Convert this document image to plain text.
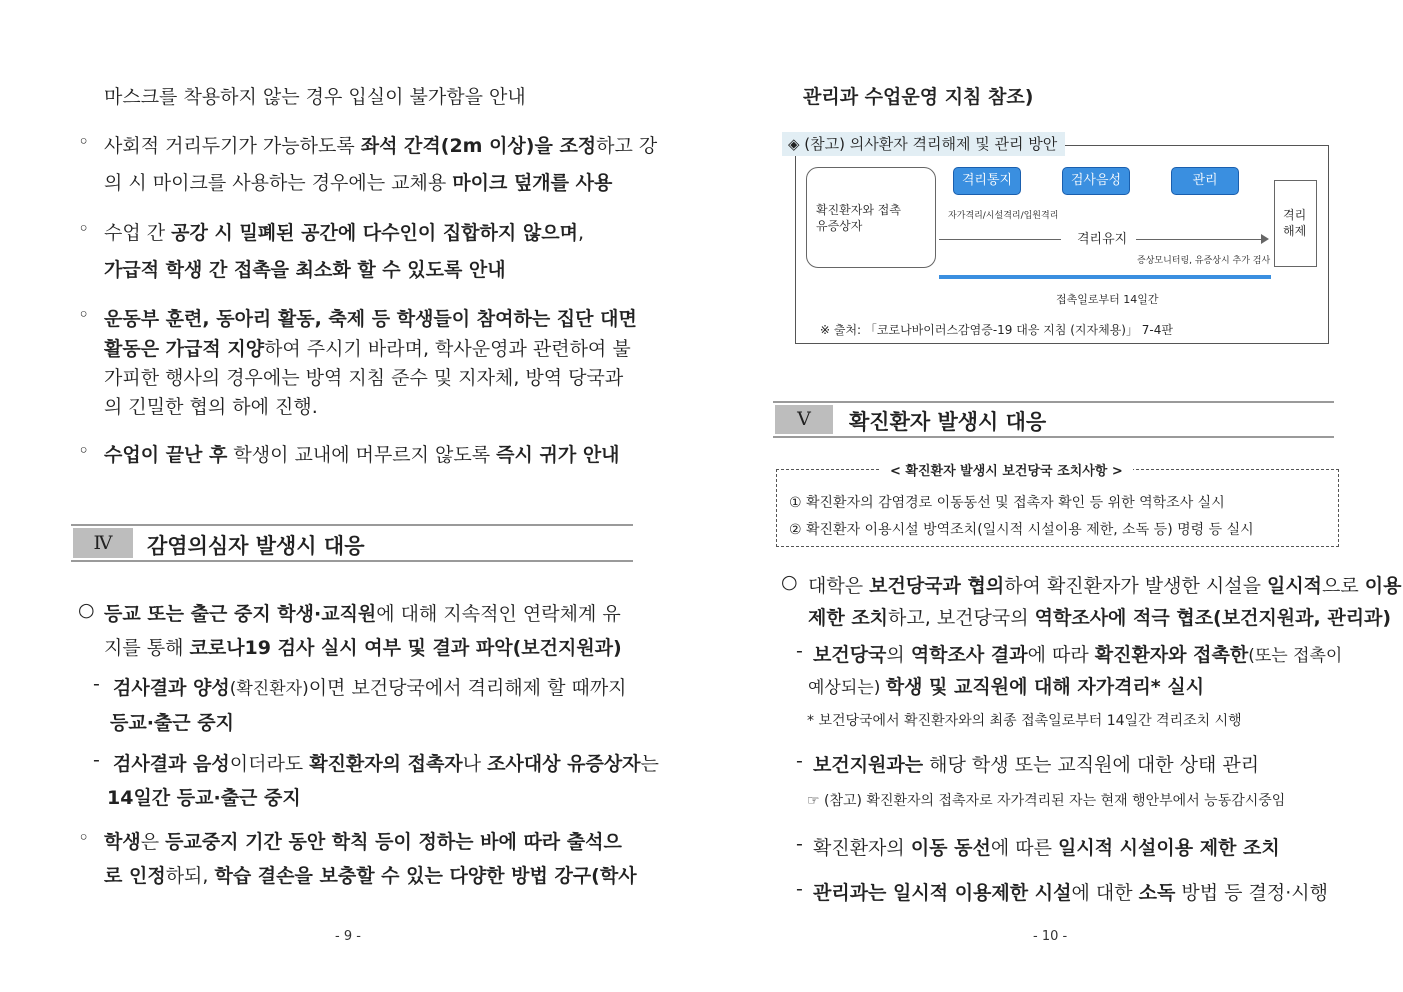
마스크를 착용하지 않는 경우 입실이 불가함을 안내
◦ 사회적 거리두기가 가능하도록 좌석 간격(2m 이상)을 조정하고 강
의 시 마이크를 사용하는 경우에는 교체용 마이크 덮개를 사용
◦ 수업 간 공강 시 밀폐된 공간에 다수인이 집합하지 않으며,
가급적 학생 간 접촉을 최소화 할 수 있도록 안내
◦ 운동부 훈련, 동아리 활동, 축제 등 학생들이 참여하는 집단 대면
활동은 가급적 지양하여 주시기 바라며, 학사운영과 관련하여 불
가피한 행사의 경우에는 방역 지침 준수 및 지자체, 방역 당국과
의 긴밀한 협의 하에 진행.
◦ 수업이 끝난 후 학생이 교내에 머무르지 않도록 즉시 귀가 안내
Ⅳ	감염의심자 발생시 대응
○ 등교 또는 출근 중지 학생·교직원에 대해 지속적인 연락체계 유
지를 통해 코로나19 검사 실시 여부 및 결과 파악(보건지원과)
- 검사결과 양성(확진환자)이면 보건당국에서 격리해제 할 때까지
등교·출근 중지
- 검사결과 음성이더라도 확진환자의 접촉자나 조사대상 유증상자는
14일간 등교·출근 중지
◦ 학생은 등교중지 기간 동안 학칙 등이 정하는 바에 따라 출석으
로 인정하되, 학습 결손을 보충할 수 있는 다양한 방법 강구(학사
- 9 -
관리과 수업운영 지침 참조)
◈ (참고) 의사환자 격리해제 및 관리 방안
확진환자와 접촉
유증상자
격리통지	검사음성	관리
자가격리/시설격리/입원격리
격리유지
증상모니터링, 유증상시 추가 검사
격리
해제
접촉일로부터 14일간
※ 출처: 「코로나바이러스감염증-19 대응 지침 (지자체용)」 7-4판
Ⅴ	확진환자 발생시 대응
< 확진환자 발생시 보건당국 조치사항 >
① 확진환자의 감염경로 이동동선 및 접촉자 확인 등 위한 역학조사 실시
② 확진환자 이용시설 방역조치(일시적 시설이용 제한, 소독 등) 명령 등 실시
○ 대학은 보건당국과 협의하여 확진환자가 발생한 시설을 일시적으로 이용
제한 조치하고, 보건당국의 역학조사에 적극 협조(보건지원과, 관리과)
- 보건당국의 역학조사 결과에 따라 확진환자와 접촉한(또는 접촉이
예상되는) 학생 및 교직원에 대해 자가격리* 실시
* 보건당국에서 확진환자와의 최종 접촉일로부터 14일간 격리조치 시행
- 보건지원과는 해당 학생 또는 교직원에 대한 상태 관리
☞ (참고) 확진환자의 접촉자로 자가격리된 자는 현재 행안부에서 능동감시중임
- 확진환자의 이동 동선에 따른 일시적 시설이용 제한 조치
- 관리과는 일시적 이용제한 시설에 대한 소독 방법 등 결정·시행
- 10 -
